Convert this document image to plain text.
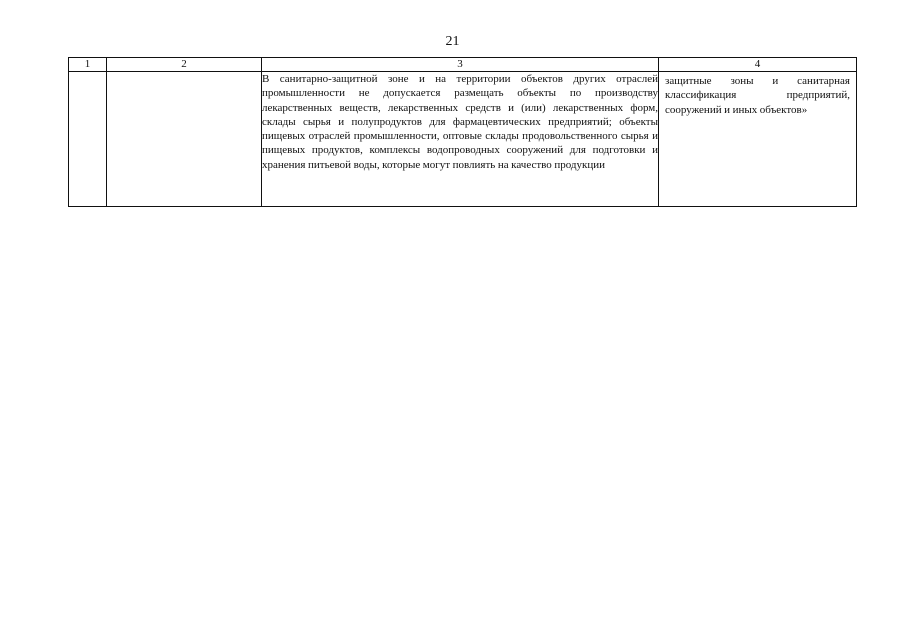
21
1	2	3	4
		В санитарно-защитной зоне и на территории объектов других отраслей промышленности не допускается размещать объекты по производству лекарственных веществ, лекарственных средств и (или) лекарственных форм, склады сырья и полупродуктов для фармацевтических предприятий; объекты пищевых отраслей промышленности, оптовые склады продовольственного сырья и пищевых продуктов, комплексы водопроводных сооружений для подготовки и хранения питьевой воды, которые могут повлиять на качество продукции	защитные зоны и санитарная классификация предприятий, сооружений и иных объектов»
